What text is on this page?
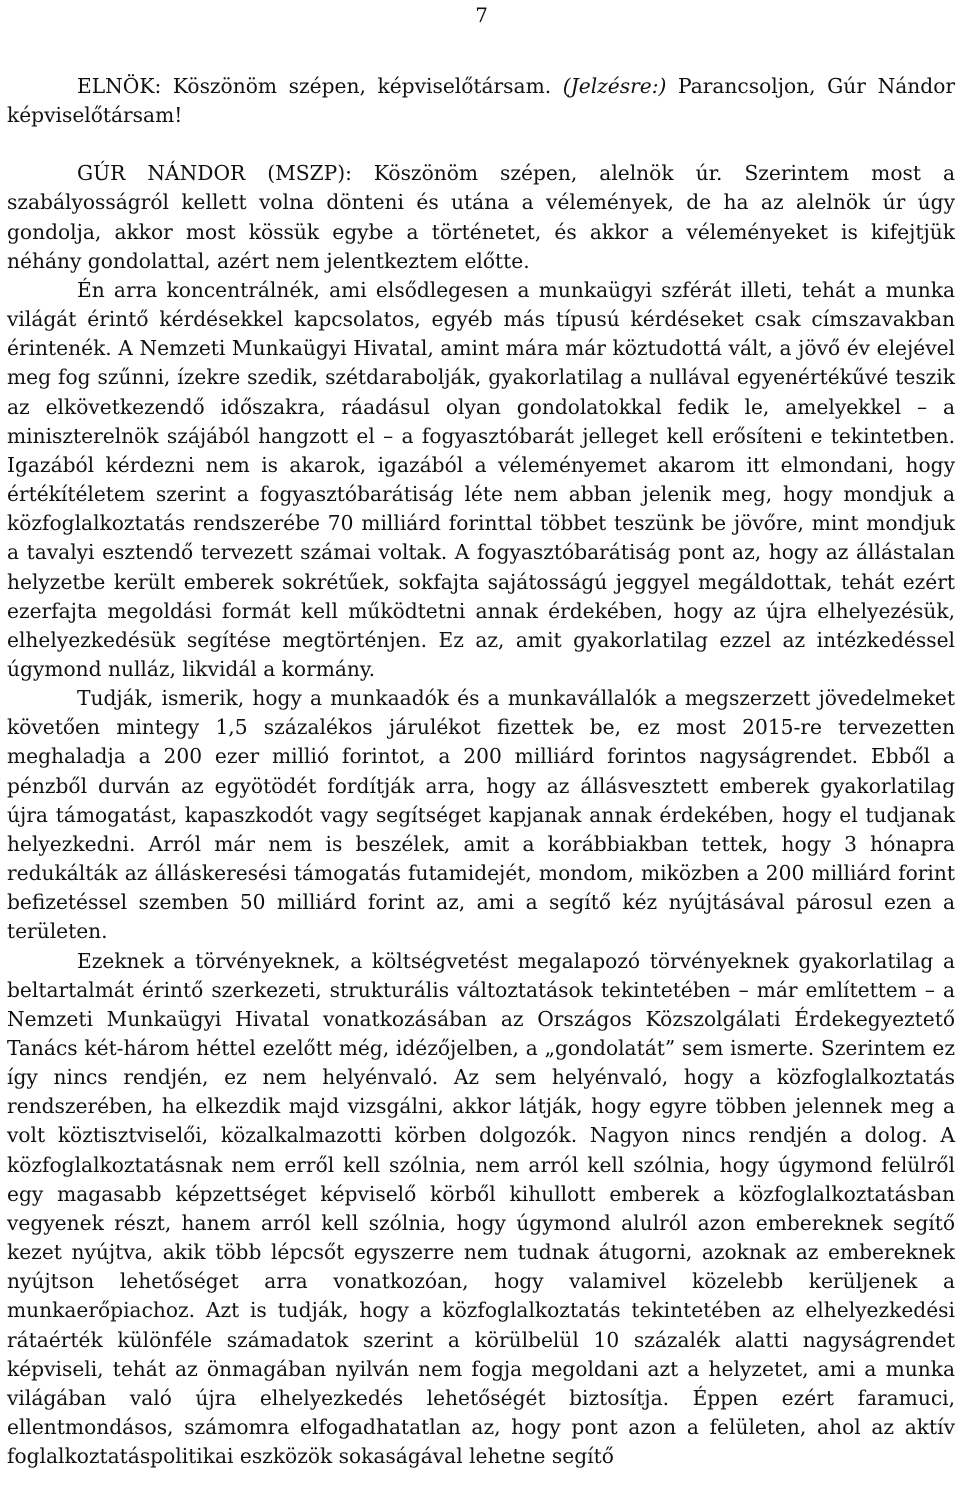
7

ELNÖK: Köszönöm szépen, képviselőtársam. (Jelzésre:) Parancsoljon, Gúr Nándor képviselőtársam!

GÚR NÁNDOR (MSZP): Köszönöm szépen, alelnök úr. Szerintem most a szabályosságról kellett volna dönteni és utána a vélemények, de ha az alelnök úr úgy gondolja, akkor most kössük egybe a történetet, és akkor a véleményeket is kifejtjük néhány gondolattal, azért nem jelentkeztem előtte.

Én arra koncentrálnék, ami elsődlegesen a munkaügyi szférát illeti, tehát a munka világát érintő kérdésekkel kapcsolatos, egyéb más típusú kérdéseket csak címszavakban érintenék. A Nemzeti Munkaügyi Hivatal, amint mára már köztudottá vált, a jövő év elejével meg fog szűnni, ízekre szedik, szétdarabolják, gyakorlatilag a nullával egyenértékűvé teszik az elkövetkezendő időszakra, ráadásul olyan gondolatokkal fedik le, amelyekkel – a miniszterelnök szájából hangzott el – a fogyasztóbarát jelleget kell erősíteni e tekintetben. Igazából kérdezni nem is akarok, igazából a véleményemet akarom itt elmondani, hogy értékítéletem szerint a fogyasztóbarátiság léte nem abban jelenik meg, hogy mondjuk a közfoglalkoztatás rendszerébe 70 milliárd forinttal többet teszünk be jövőre, mint mondjuk a tavalyi esztendő tervezett számai voltak. A fogyasztóbarátiság pont az, hogy az állástalan helyzetbe került emberek sokrétűek, sokfajta sajátosságú jeggyel megáldottak, tehát ezért ezerfajta megoldási formát kell működtetni annak érdekében, hogy az újra elhelyezésük, elhelyezkedésük segítése megtörténjen. Ez az, amit gyakorlatilag ezzel az intézkedéssel úgymond nulláz, likvidál a kormány.

Tudják, ismerik, hogy a munkaadók és a munkavállalók a megszerzett jövedelmeket követően mintegy 1,5 százalékos járulékot fizettek be, ez most 2015-re tervezetten meghaladja a 200 ezer millió forintot, a 200 milliárd forintos nagyságrendet. Ebből a pénzből durván az egyötödét fordítják arra, hogy az állásvesztett emberek gyakorlatilag újra támogatást, kapaszkodót vagy segítséget kapjanak annak érdekében, hogy el tudjanak helyezkedni. Arról már nem is beszélek, amit a korábbiakban tettek, hogy 3 hónapra redukálták az álláskeresési támogatás futamidejét, mondom, miközben a 200 milliárd forint befizetéssel szemben 50 milliárd forint az, ami a segítő kéz nyújtásával párosul ezen a területen.

Ezeknek a törvényeknek, a költségvetést megalapozó törvényeknek gyakorlatilag a beltartalmát érintő szerkezeti, strukturális változtatások tekintetében – már említettem – a Nemzeti Munkaügyi Hivatal vonatkozásában az Országos Közszolgálati Érdekegyeztető Tanács két-három héttel ezelőtt még, idézőjelben, a „gondolatát” sem ismerte. Szerintem ez így nincs rendjén, ez nem helyénvaló. Az sem helyénvaló, hogy a közfoglalkoztatás rendszerében, ha elkezdik majd vizsgálni, akkor látják, hogy egyre többen jelennek meg a volt köztisztviselői, közalkalmazotti körben dolgozók. Nagyon nincs rendjén a dolog. A közfoglalkoztatásnak nem erről kell szólnia, nem arról kell szólnia, hogy úgymond felülről egy magasabb képzettséget képviselő körből kihullott emberek a közfoglalkoztatásban vegyenek részt, hanem arról kell szólnia, hogy úgymond alulról azon embereknek segítő kezet nyújtva, akik több lépcsőt egyszerre nem tudnak átugorni, azoknak az embereknek nyújtson lehetőséget arra vonatkozóan, hogy valamivel közelebb kerüljenek a munkaerőpiachoz. Azt is tudják, hogy a közfoglalkoztatás tekintetében az elhelyezkedési rátaérték különféle számadatok szerint a körülbelül 10 százalék alatti nagyságrendet képviseli, tehát az önmagában nyilván nem fogja megoldani azt a helyzetet, ami a munka világában való újra elhelyezkedés lehetőségét biztosítja. Éppen ezért faramuci, ellentmondásos, számomra elfogadhatatlan az, hogy pont azon a felületen, ahol az aktív foglalkoztatáspolitikai eszközök sokaságával lehetne segítő
